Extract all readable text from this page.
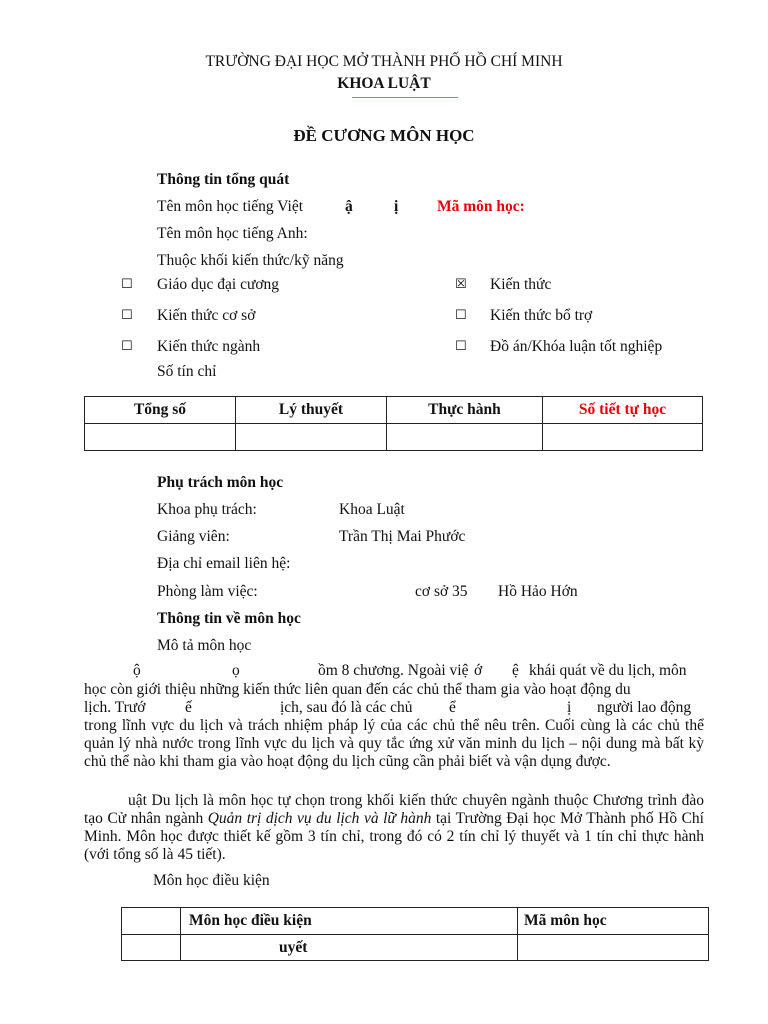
TRƯỜNG ĐẠI HỌC MỞ THÀNH PHỐ HỒ CHÍ MINH
KHOA LUẬT
ĐỀ CƯƠNG MÔN HỌC
Thông tin tổng quát
Tên môn học tiếng Việt	ậ	ị Mã môn học:
Tên môn học tiếng Anh:
Thuộc khối kiến thức/kỹ năng
☐ Giáo dục đại cương	☒ Kiến thức
☐ Kiến thức cơ sở	☐ Kiến thức bổ trợ
☐ Kiến thức ngành	☐ Đồ án/Khóa luận tốt nghiệp
Số tín chỉ
Tổng số	Lý thuyết	Thực hành	Số tiết tự học

Phụ trách môn học
Khoa phụ trách:	Khoa Luật
Giảng viên:	Trần Thị Mai Phước
Địa chỉ email liên hệ:
Phòng làm việc:	cơ sở 35 Hồ Hảo Hớn
Thông tin về môn học
Mô tả môn học
ộ	ọ	ồm 8 chương. Ngoài việ ớ ệ khái quát về du lịch, môn
học còn giới thiệu những kiến thức liên quan đến các chủ thể tham gia vào hoạt động du
lịch. Trướ	ế	ịch, sau đó là các chủ ể	ị người lao động
trong lĩnh vực du lịch và trách nhiệm pháp lý của các chủ thể nêu trên. Cuối cùng là các chủ thể quản lý nhà nước trong lĩnh vực du lịch và quy tắc ứng xử văn minh du lịch – nội dung mà bất kỳ chủ thể nào khi tham gia vào hoạt động du lịch cũng cần phải biết và vận dụng được.
uật Du lịch là môn học tự chọn trong khối kiến thức chuyên ngành thuộc Chương trình đào tạo Cử nhân ngành Quản trị dịch vụ du lịch và lữ hành tại Trường Đại học Mở Thành phố Hồ Chí Minh. Môn học được thiết kế gồm 3 tín chỉ, trong đó có 2 tín chỉ lý thuyết và 1 tín chỉ thực hành (với tổng số là 45 tiết).
Môn học điều kiện
	Môn học điều kiện	Mã môn học
	uyết	
